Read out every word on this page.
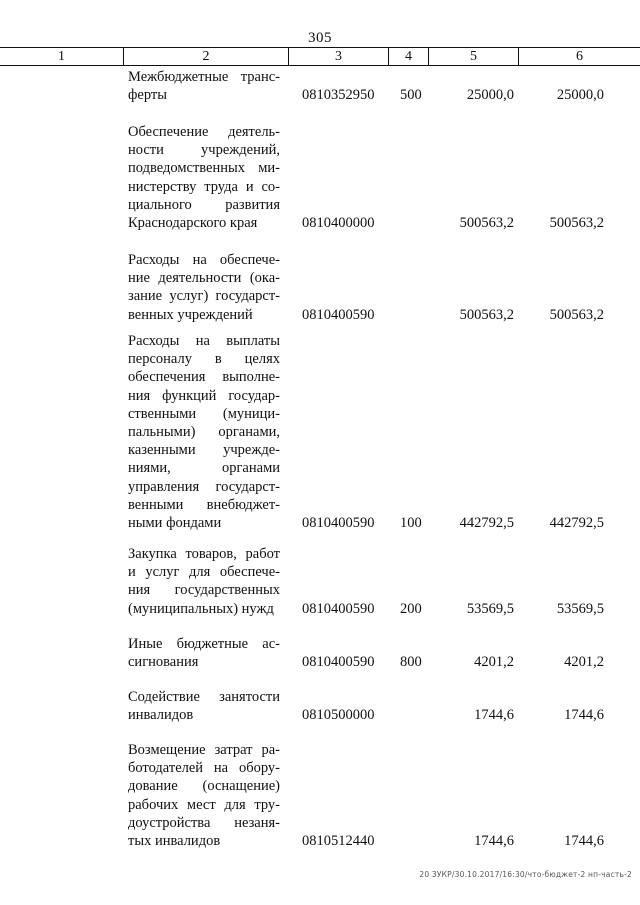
305
1	2	3	4	5	6
Межбюджетные транс-
ферты	0810352950 500	25000,0	25000,0
Обеспечение деятель-
ности учреждений,
подведомственных ми-
нистерству труда и со-
циального развития
Краснодарского края	0810400000	500563,2 500563,2
Расходы на обеспече-
ние деятельности (ока-
зание услуг) государст-
венных учреждений	0810400590	500563,2 500563,2
Расходы на выплаты
персоналу в целях
обеспечения выполне-
ния функций государ-
ственными (муници-
пальными) органами,
казенными учрежде-
ниями, органами
управления государст-
венными внебюджет-
ными фондами	0810400590 100	442792,5 442792,5
Закупка товаров, работ
и услуг для обеспече-
ния государственных
(муниципальных) нужд	0810400590 200	53569,5	53569,5
Иные бюджетные ас-
сигнования	0810400590 800	4201,2	4201,2
Содействие занятости
инвалидов	0810500000	1744,6	1744,6
Возмещение затрат ра-
ботодателей на обору-
дование (оснащение)
рабочих мест для тру-
доустройства незаня-
тых инвалидов	0810512440	1744,6	1744,6
20 ЗУКР/30.10.2017/16:30/что-бюджет-2 нп-часть-2
